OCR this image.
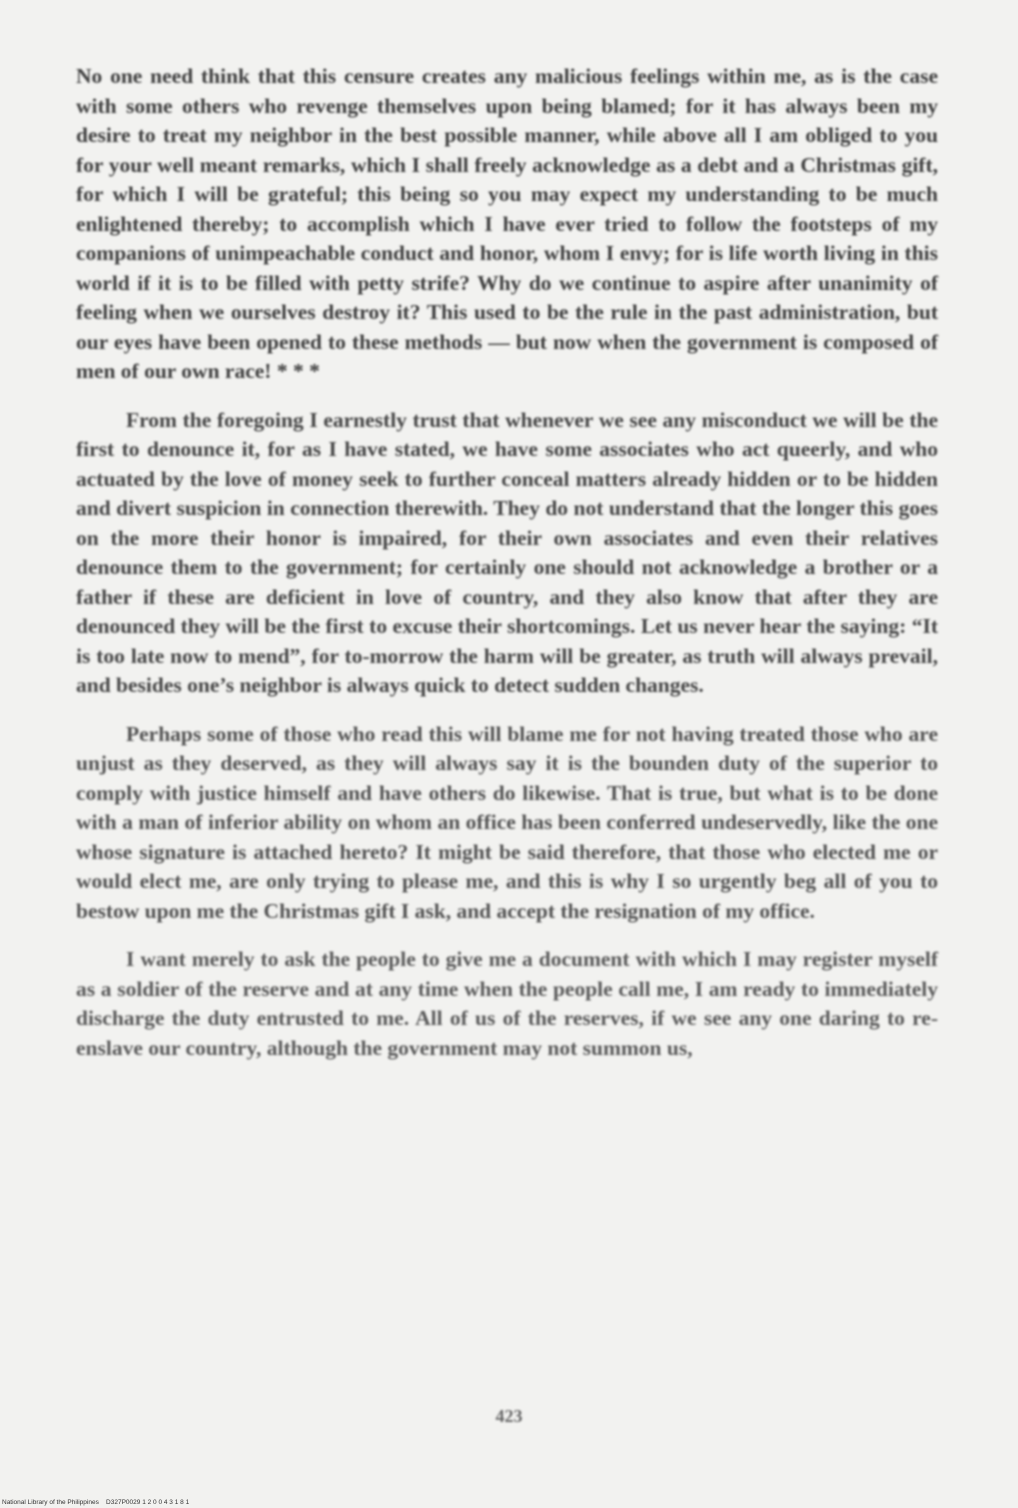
No one need think that this censure creates any malicious feelings within me, as is the case with some others who revenge themselves upon being blamed; for it has always been my desire to treat my neighbor in the best possible manner, while above all I am obliged to you for your well meant remarks, which I shall freely acknowledge as a debt and a Christmas gift, for which I will be grateful; this being so you may expect my understanding to be much enlightened thereby; to accomplish which I have ever tried to follow the footsteps of my companions of unimpeachable conduct and honor, whom I envy; for is life worth living in this world if it is to be filled with petty strife? Why do we continue to aspire after unanimity of feeling when we ourselves destroy it? This used to be the rule in the past administration, but our eyes have been opened to these methods — but now when the government is composed of men of our own race! * * *

From the foregoing I earnestly trust that whenever we see any misconduct we will be the first to denounce it, for as I have stated, we have some associates who act queerly, and who actuated by the love of money seek to further conceal matters already hidden or to be hidden and divert suspicion in connection therewith. They do not understand that the longer this goes on the more their honor is impaired, for their own associates and even their relatives denounce them to the government; for certainly one should not acknowledge a brother or a father if these are deficient in love of country, and they also know that after they are denounced they will be the first to excuse their shortcomings. Let us never hear the saying: “It is too late now to mend”, for to-morrow the harm will be greater, as truth will always prevail, and besides one’s neighbor is always quick to detect sudden changes.

Perhaps some of those who read this will blame me for not having treated those who are unjust as they deserved, as they will always say it is the bounden duty of the superior to comply with justice himself and have others do likewise. That is true, but what is to be done with a man of inferior ability on whom an office has been conferred undeservedly, like the one whose signature is attached hereto? It might be said therefore, that those who elected me or would elect me, are only trying to please me, and this is why I so urgently beg all of you to bestow upon me the Christmas gift I ask, and accept the resignation of my office.

I want merely to ask the people to give me a document with which I may register myself as a soldier of the reserve and at any time when the people call me, I am ready to immediately discharge the duty entrusted to me. All of us of the reserves, if we see any one daring to re-enslave our country, although the government may not summon us,

423
National Library of the Philippines    D327P0029 1 2 0 0 4 3 1 8 1
